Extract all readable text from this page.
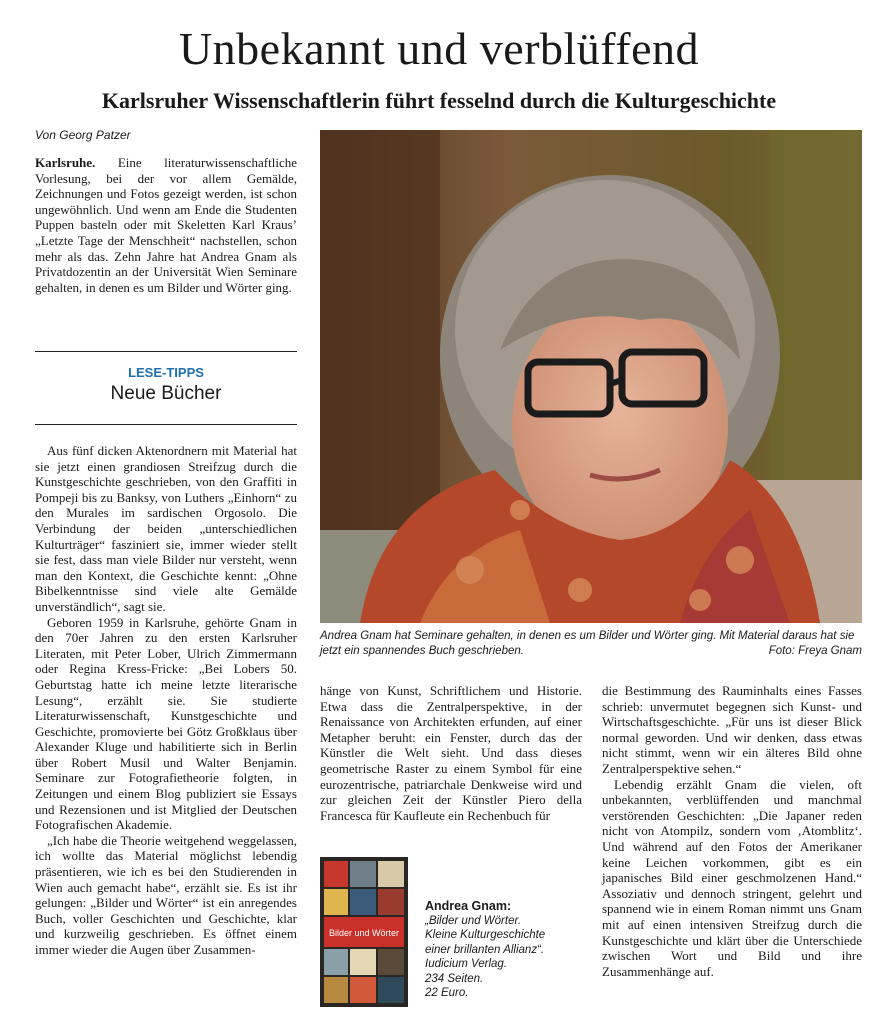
Unbekannt und verblüffend
Karlsruher Wissenschaftlerin führt fesselnd durch die Kulturgeschichte
Von Georg Patzer

Karlsruhe. Eine literaturwissenschaftliche Vorlesung, bei der vor allem Gemälde, Zeichnungen und Fotos gezeigt werden, ist schon ungewöhnlich. Und wenn am Ende die Studenten Puppen basteln oder mit Skeletten Karl Kraus’ „Letzte Tage der Menschheit“ nachstellen, schon mehr als das. Zehn Jahre hat Andrea Gnam als Privatdozentin an der Universität Wien Seminare gehalten, in denen es um Bilder und Wörter ging.

LESE-TIPPS
Neue Bücher

Aus fünf dicken Aktenordnern mit Material hat sie jetzt einen grandiosen Streifzug durch die Kunstgeschichte geschrieben, von den Graffiti in Pompeji bis zu Banksy, von Luthers „Einhorn“ zu den Murales im sardischen Orgosolo. Die Verbindung der beiden „unterschiedlichen Kulturträger“ fasziniert sie, immer wieder stellt sie fest, dass man viele Bilder nur versteht, wenn man den Kontext, die Geschichte kennt: „Ohne Bibelkenntnisse sind viele alte Gemälde unverständlich“, sagt sie.

Geboren 1959 in Karlsruhe, gehörte Gnam in den 70er Jahren zu den ersten Karlsruher Literaten, mit Peter Lober, Ulrich Zimmermann oder Regina Kress-Fricke: „Bei Lobers 50. Geburtstag hatte ich meine letzte literarische Lesung“, erzählt sie. Sie studierte Literaturwissenschaft, Kunstgeschichte und Geschichte, promovierte bei Götz Großklaus über Alexander Kluge und habilitierte sich in Berlin über Robert Musil und Walter Benjamin. Seminare zur Fotografietheorie folgten, in Zeitungen und einem Blog publiziert sie Essays und Rezensionen und ist Mitglied der Deutschen Fotografischen Akademie.

„Ich habe die Theorie weitgehend weggelassen, ich wollte das Material möglichst lebendig präsentieren, wie ich es bei den Studierenden in Wien auch gemacht habe“, erzählt sie. Es ist ihr gelungen: „Bilder und Wörter“ ist ein anregendes Buch, voller Geschichten und Geschichte, klar und kurzweilig geschrieben. Es öffnet einem immer wieder die Augen über Zusammen-

Andrea Gnam hat Seminare gehalten, in denen es um Bilder und Wörter ging. Mit Material daraus hat sie jetzt ein spannendes Buch geschrieben.	Foto: Freya Gnam

hänge von Kunst, Schriftlichem und Historie. Etwa dass die Zentralperspektive, in der Renaissance von Architekten erfunden, auf einer Metapher beruht: ein Fenster, durch das der Künstler die Welt sieht. Und dass dieses geometrische Raster zu einem Symbol für eine eurozentrische, patriarchale Denkweise wird und zur gleichen Zeit der Künstler Piero della Francesca für Kaufleute ein Rechenbuch für

die Bestimmung des Rauminhalts eines Fasses schrieb: unvermutet begegnen sich Kunst- und Wirtschaftsgeschichte. „Für uns ist dieser Blick normal geworden. Und wir denken, dass etwas nicht stimmt, wenn wir ein älteres Bild ohne Zentralperspektive sehen.“

Lebendig erzählt Gnam die vielen, oft unbekannten, verblüffenden und manchmal verstörenden Geschichten: „Die Japaner reden nicht von Atompilz, sondern vom ‚Atomblitz‘. Und während auf den Fotos der Amerikaner keine Leichen vorkommen, gibt es ein japanisches Bild einer geschmolzenen Hand.“ Assoziativ und dennoch stringent, gelehrt und spannend wie in einem Roman nimmt uns Gnam mit auf einen intensiven Streifzug durch die Kunstgeschichte und klärt über die Unterschiede zwischen Wort und Bild und ihre Zusammenhänge auf.

Bilder und Wörter
Andrea Gnam:
„Bilder und Wörter.
Kleine Kulturgeschichte
einer brillanten Allianz“.
Iudicium Verlag.
234 Seiten.
22 Euro.
